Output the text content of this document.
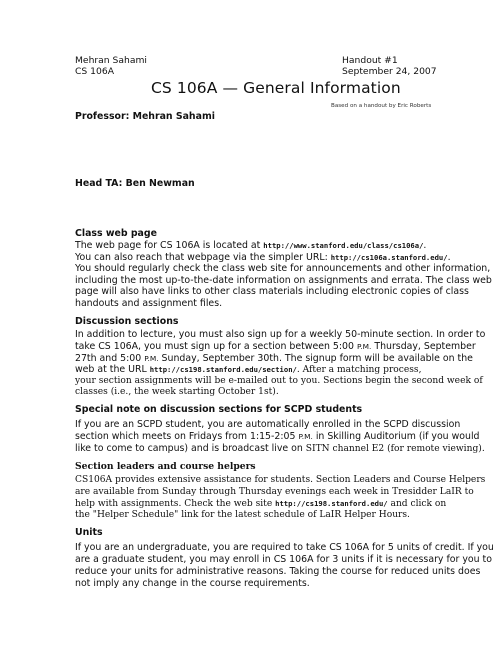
Mehran Sahami
CS 106A
Handout #1
September 24, 2007
CS 106A — General Information
Based on a handout by Eric Roberts
Professor: Mehran Sahami
Head TA: Ben Newman
Class web page
The web page for CS 106A is located at http://www.stanford.edu/class/cs106a/.
You can also reach that webpage via the simpler URL: http://cs106a.stanford.edu/.
You should regularly check the class web site for announcements and other information,
including the most up-to-the-date information on assignments and errata. The class web
page will also have links to other class materials including electronic copies of class
handouts and assignment files.
Discussion sections
In addition to lecture, you must also sign up for a weekly 50-minute section. In order to
take CS 106A, you must sign up for a section between 5:00 P.M. Thursday, September
27th and 5:00 P.M. Sunday, September 30th. The signup form will be available on the
web at the URL http://cs198.stanford.edu/section/. After a matching process,
your section assignments will be e-mailed out to you. Sections begin the second week of
classes (i.e., the week starting October 1st).
Special note on discussion sections for SCPD students
If you are an SCPD student, you are automatically enrolled in the SCPD discussion
section which meets on Fridays from 1:15-2:05 P.M. in Skilling Auditorium (if you would
like to come to campus) and is broadcast live on SITN channel E2 (for remote viewing).
Section leaders and course helpers
CS106A provides extensive assistance for students. Section Leaders and Course Helpers
are available from Sunday through Thursday evenings each week in Tresidder LaIR to
help with assignments. Check the web site http://cs198.stanford.edu/ and click on
the "Helper Schedule" link for the latest schedule of LaIR Helper Hours.
Units
If you are an undergraduate, you are required to take CS 106A for 5 units of credit. If you
are a graduate student, you may enroll in CS 106A for 3 units if it is necessary for you to
reduce your units for administrative reasons. Taking the course for reduced units does
not imply any change in the course requirements.
